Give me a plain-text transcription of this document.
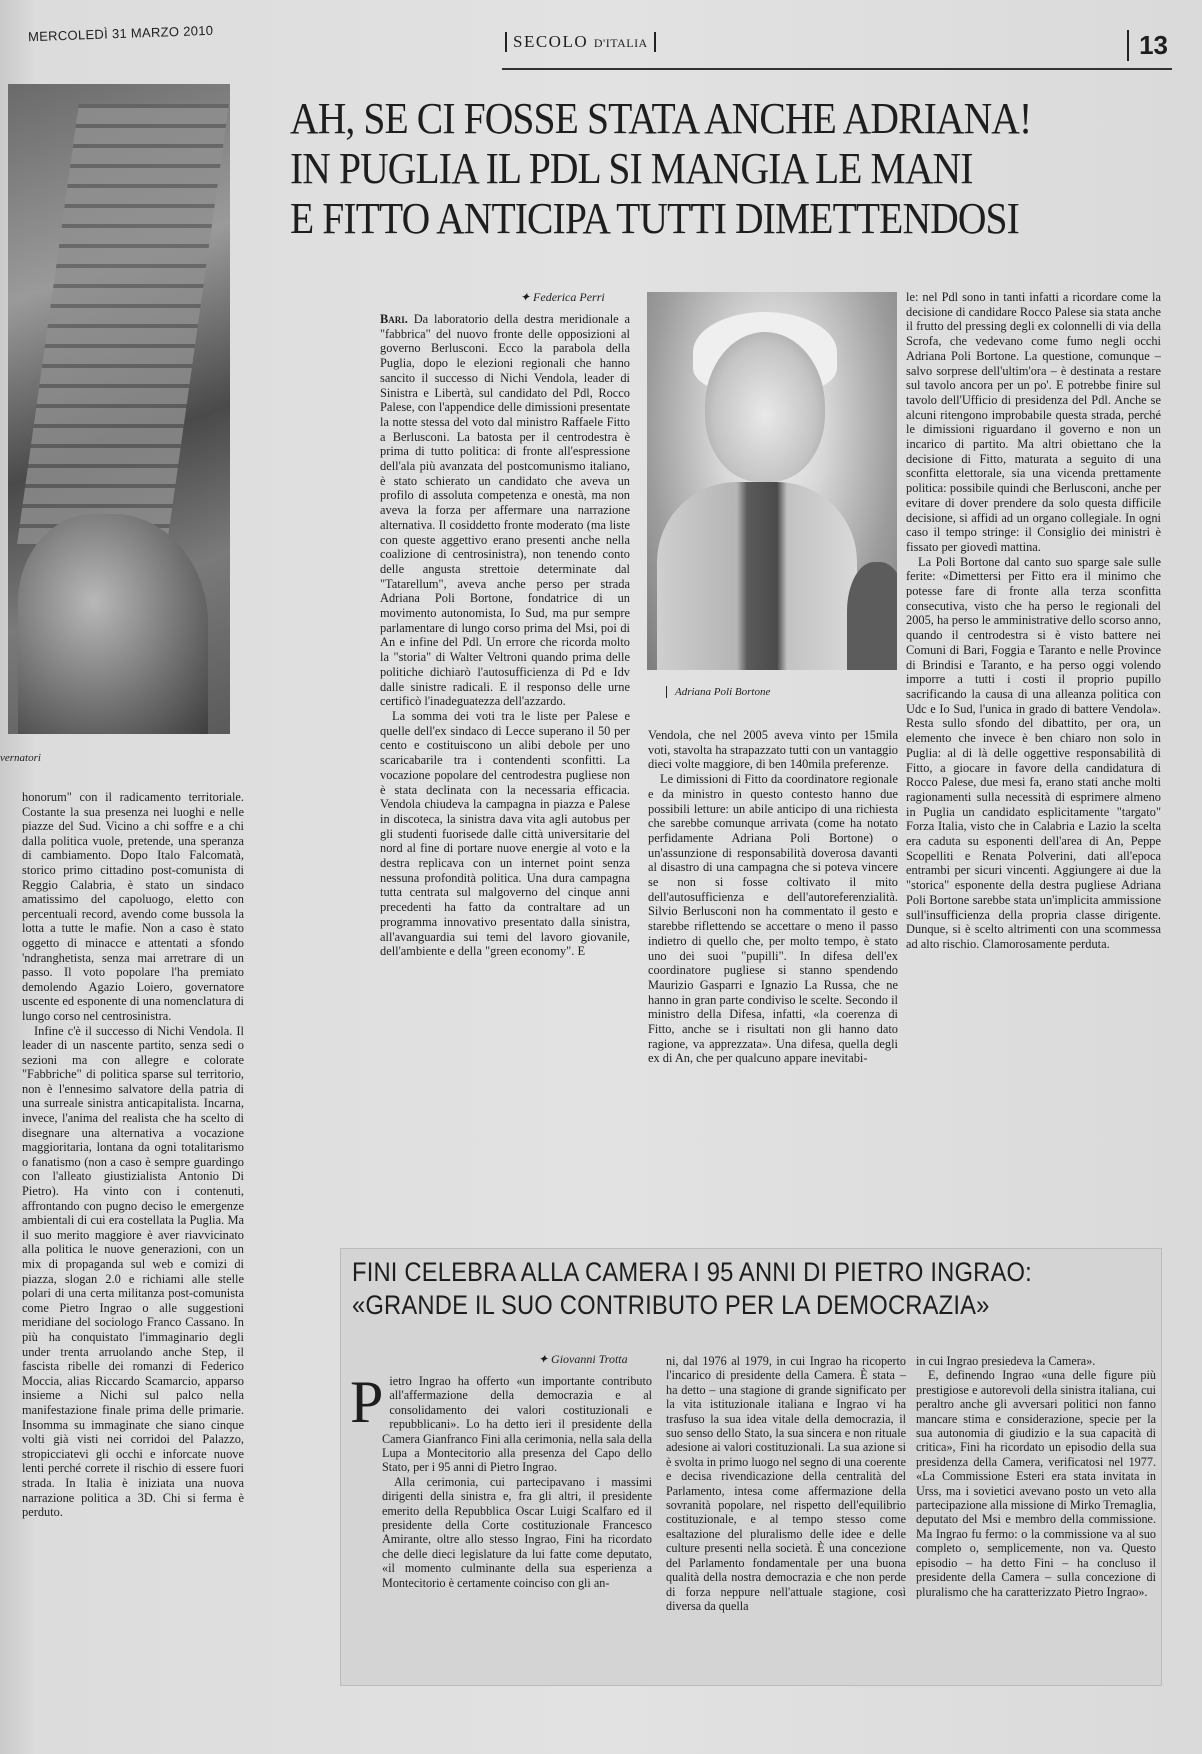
MERCOLEDÌ 31 MARZO 2010	SECOLO D'ITALIA	13
vernatori

honorum" con il radicamento territoriale. Costante la sua presenza nei luoghi e nelle piazze del Sud. Vicino a chi soffre e a chi dalla politica vuole, pretende, una speranza di cambiamento. Dopo Italo Falcomatà, storico primo cittadino post-comunista di Reggio Calabria, è stato un sindaco amatissimo del capoluogo, eletto con percentuali record, avendo come bussola la lotta a tutte le mafie. Non a caso è stato oggetto di minacce e attentati a sfondo 'ndranghetista, senza mai arretrare di un passo. Il voto popolare l'ha premiato demolendo Agazio Loiero, governatore uscente ed esponente di una nomenclatura di lungo corso nel centrosinistra.

Infine c'è il successo di Nichi Vendola. Il leader di un nascente partito, senza sedi o sezioni ma con allegre e colorate "Fabbriche" di politica sparse sul territorio, non è l'ennesimo salvatore della patria di una surreale sinistra anticapitalista. Incarna, invece, l'anima del realista che ha scelto di disegnare una alternativa a vocazione maggioritaria, lontana da ogni totalitarismo o fanatismo (non a caso è sempre guardingo con l'alleato giustizialista Antonio Di Pietro). Ha vinto con i contenuti, affrontando con pugno deciso le emergenze ambientali di cui era costellata la Puglia. Ma il suo merito maggiore è aver riavvicinato alla politica le nuove generazioni, con un mix di propaganda sul web e comizi di piazza, slogan 2.0 e richiami alle stelle polari di una certa militanza post-comunista come Pietro Ingrao o alle suggestioni meridiane del sociologo Franco Cassano. In più ha conquistato l'immaginario degli under trenta arruolando anche Step, il fascista ribelle dei romanzi di Federico Moccia, alias Riccardo Scamarcio, apparso insieme a Nichi sul palco nella manifestazione finale prima delle primarie. Insomma su immaginate che siano cinque volti già visti nei corridoi del Palazzo, stropicciatevi gli occhi e inforcate nuove lenti perché correte il rischio di essere fuori strada. In Italia è iniziata una nuova narrazione politica a 3D. Chi si ferma è perduto.

AH, SE CI FOSSE STATA ANCHE ADRIANA!
IN PUGLIA IL PDL SI MANGIA LE MANI
E FITTO ANTICIPA TUTTI DIMETTENDOSI
✦ Federica Perri

Bari. Da laboratorio della destra meridionale a "fabbrica" del nuovo fronte delle opposizioni al governo Berlusconi. Ecco la parabola della Puglia, dopo le elezioni regionali che hanno sancito il successo di Nichi Vendola, leader di Sinistra e Libertà, sul candidato del Pdl, Rocco Palese, con l'appendice delle dimissioni presentate la notte stessa del voto dal ministro Raffaele Fitto a Berlusconi. La batosta per il centrodestra è prima di tutto politica: di fronte all'espressione dell'ala più avanzata del postcomunismo italiano, è stato schierato un candidato che aveva un profilo di assoluta competenza e onestà, ma non aveva la forza per affermare una narrazione alternativa. Il cosiddetto fronte moderato (ma liste con queste aggettivo erano presenti anche nella coalizione di centrosinistra), non tenendo conto delle angusta strettoie determinate dal "Tatarellum", aveva anche perso per strada Adriana Poli Bortone, fondatrice di un movimento autonomista, Io Sud, ma pur sempre parlamentare di lungo corso prima del Msi, poi di An e infine del Pdl. Un errore che ricorda molto la "storia" di Walter Veltroni quando prima delle politiche dichiarò l'autosufficienza di Pd e Idv dalle sinistre radicali. E il responso delle urne certificò l'inadeguatezza dell'azzardo.

La somma dei voti tra le liste per Palese e quelle dell'ex sindaco di Lecce superano il 50 per cento e costituiscono un alibi debole per uno scaricabarile tra i contendenti sconfitti. La vocazione popolare del centrodestra pugliese non è stata declinata con la necessaria efficacia. Vendola chiudeva la campagna in piazza e Palese in discoteca, la sinistra dava vita agli autobus per gli studenti fuorisede dalle città universitarie del nord al fine di portare nuove energie al voto e la destra replicava con un internet point senza nessuna profondità politica. Una dura campagna tutta centrata sul malgoverno del cinque anni precedenti ha fatto da contraltare ad un programma innovativo presentato dalla sinistra, all'avanguardia sui temi del lavoro giovanile, dell'ambiente e della "green economy". E

Adriana Poli Bortone

Vendola, che nel 2005 aveva vinto per 15mila voti, stavolta ha strapazzato tutti con un vantaggio dieci volte maggiore, di ben 140mila preferenze.

Le dimissioni di Fitto da coordinatore regionale e da ministro in questo contesto hanno due possibili letture: un abile anticipo di una richiesta che sarebbe comunque arrivata (come ha notato perfidamente Adriana Poli Bortone) o un'assunzione di responsabilità doverosa davanti al disastro di una campagna che si poteva vincere se non si fosse coltivato il mito dell'autosufficienza e dell'autoreferenzialità. Silvio Berlusconi non ha commentato il gesto e starebbe riflettendo se accettare o meno il passo indietro di quello che, per molto tempo, è stato uno dei suoi "pupilli". In difesa dell'ex coordinatore pugliese si stanno spendendo Maurizio Gasparri e Ignazio La Russa, che ne hanno in gran parte condiviso le scelte. Secondo il ministro della Difesa, infatti, «la coerenza di Fitto, anche se i risultati non gli hanno dato ragione, va apprezzata». Una difesa, quella degli ex di An, che per qualcuno appare inevitabi-

le: nel Pdl sono in tanti infatti a ricordare come la decisione di candidare Rocco Palese sia stata anche il frutto del pressing degli ex colonnelli di via della Scrofa, che vedevano come fumo negli occhi Adriana Poli Bortone. La questione, comunque – salvo sorprese dell'ultim'ora – è destinata a restare sul tavolo ancora per un po'. E potrebbe finire sul tavolo dell'Ufficio di presidenza del Pdl. Anche se alcuni ritengono improbabile questa strada, perché le dimissioni riguardano il governo e non un incarico di partito. Ma altri obiettano che la decisione di Fitto, maturata a seguito di una sconfitta elettorale, sia una vicenda prettamente politica: possibile quindi che Berlusconi, anche per evitare di dover prendere da solo questa difficile decisione, si affidi ad un organo collegiale. In ogni caso il tempo stringe: il Consiglio dei ministri è fissato per giovedì mattina.

La Poli Bortone dal canto suo sparge sale sulle ferite: «Dimettersi per Fitto era il minimo che potesse fare di fronte alla terza sconfitta consecutiva, visto che ha perso le regionali del 2005, ha perso le amministrative dello scorso anno, quando il centrodestra si è visto battere nei Comuni di Bari, Foggia e Taranto e nelle Province di Brindisi e Taranto, e ha perso oggi volendo imporre a tutti i costi il proprio pupillo sacrificando la causa di una alleanza politica con Udc e Io Sud, l'unica in grado di battere Vendola». Resta sullo sfondo del dibattito, per ora, un elemento che invece è ben chiaro non solo in Puglia: al di là delle oggettive responsabilità di Fitto, a giocare in favore della candidatura di Rocco Palese, due mesi fa, erano stati anche molti ragionamenti sulla necessità di esprimere almeno in Puglia un candidato esplicitamente "targato" Forza Italia, visto che in Calabria e Lazio la scelta era caduta su esponenti dell'area di An, Peppe Scopelliti e Renata Polverini, dati all'epoca entrambi per sicuri vincenti. Aggiungere ai due la "storica" esponente della destra pugliese Adriana Poli Bortone sarebbe stata un'implicita ammissione sull'insufficienza della propria classe dirigente. Dunque, si è scelto altrimenti con una scommessa ad alto rischio. Clamorosamente perduta.

FINI CELEBRA ALLA CAMERA I 95 ANNI DI PIETRO INGRAO:
«GRANDE IL SUO CONTRIBUTO PER LA DEMOCRAZIA»
✦ Giovanni Trotta

Pietro Ingrao ha offerto «un importante contributo all'affermazione della democrazia e al consolidamento dei valori costituzionali e repubblicani». Lo ha detto ieri il presidente della Camera Gianfranco Fini alla cerimonia, nella sala della Lupa a Montecitorio alla presenza del Capo dello Stato, per i 95 anni di Pietro Ingrao.

Alla cerimonia, cui partecipavano i massimi dirigenti della sinistra e, fra gli altri, il presidente emerito della Repubblica Oscar Luigi Scalfaro ed il presidente della Corte costituzionale Francesco Amirante, oltre allo stesso Ingrao, Fini ha ricordato che delle dieci legislature da lui fatte come deputato, «il momento culminante della sua esperienza a Montecitorio è certamente coinciso con gli an-

ni, dal 1976 al 1979, in cui Ingrao ha ricoperto l'incarico di presidente della Camera. È stata – ha detto – una stagione di grande significato per la vita istituzionale italiana e Ingrao vi ha trasfuso la sua idea vitale della democrazia, il suo senso dello Stato, la sua sincera e non rituale adesione ai valori costituzionali. La sua azione si è svolta in primo luogo nel segno di una coerente e decisa rivendicazione della centralità del Parlamento, intesa come affermazione della sovranità popolare, nel rispetto dell'equilibrio costituzionale, e al tempo stesso come esaltazione del pluralismo delle idee e delle culture presenti nella società. È una concezione del Parlamento fondamentale per una buona qualità della nostra democrazia e che non perde di forza neppure nell'attuale stagione, così diversa da quella

in cui Ingrao presiedeva la Camera».

E, definendo Ingrao «una delle figure più prestigiose e autorevoli della sinistra italiana, cui peraltro anche gli avversari politici non fanno mancare stima e considerazione, specie per la sua autonomia di giudizio e la sua capacità di critica», Fini ha ricordato un episodio della sua presidenza della Camera, verificatosi nel 1977. «La Commissione Esteri era stata invitata in Urss, ma i sovietici avevano posto un veto alla partecipazione alla missione di Mirko Tremaglia, deputato del Msi e membro della commissione. Ma Ingrao fu fermo: o la commissione va al suo completo o, semplicemente, non va. Questo episodio – ha detto Fini – ha concluso il presidente della Camera – sulla concezione di pluralismo che ha caratterizzato Pietro Ingrao».
